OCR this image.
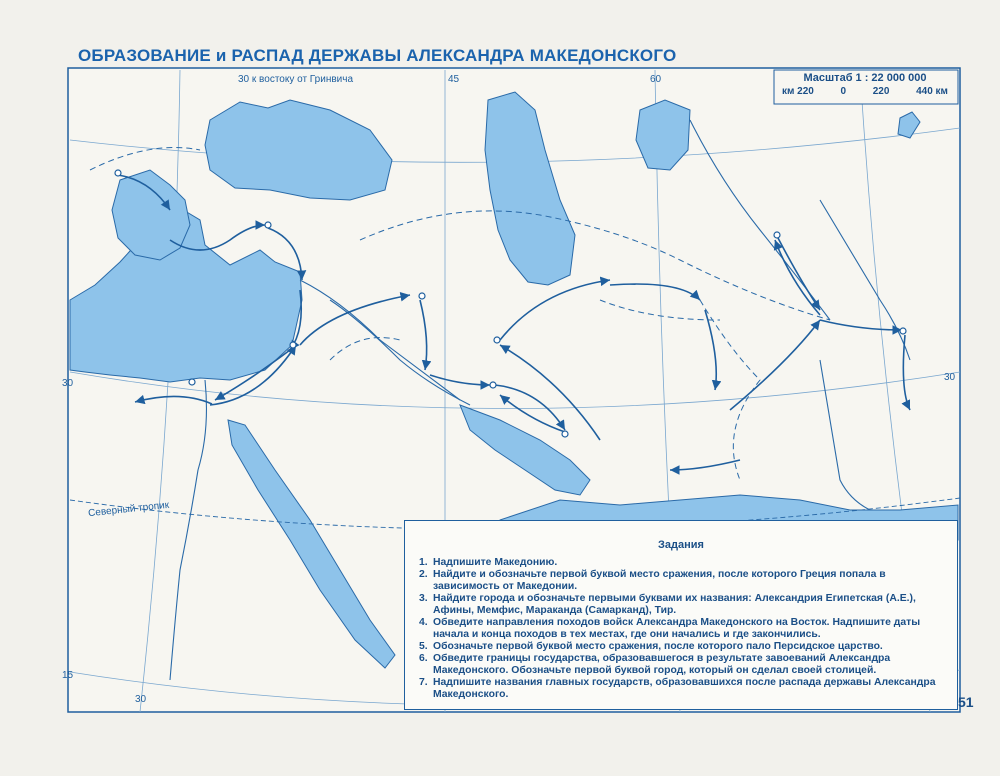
ОБРАЗОВАНИЕ и РАСПАД ДЕРЖАВЫ АЛЕКСАНДРА МАКЕДОНСКОГО
30 к востоку от Гринвича	45	60
30
30
15
30
Северный тропик
Масштаб 1 : 22 000 000
км 220	0	220	440 км
Задания
1. Надпишите Македонию.
2. Найдите и обозначьте первой буквой место сражения, после которого Греция попала в зависимость от Македонии.
3. Найдите города и обозначьте первыми буквами их названия: Александрия Египетская (А.Е.), Афины, Мемфис, Мараканда (Самарканд), Тир.
4. Обведите направления походов войск Александра Македонского на Восток. Надпишите даты начала и конца походов в тех местах, где они начались и где закончились.
5. Обозначьте первой буквой место сражения, после которого пало Персидское царство.
6. Обведите границы государства, образовавшегося в результате завоеваний Александра Македонского. Обозначьте первой буквой город, который он сделал своей столицей.
7. Надпишите названия главных государств, образовавшихся после распада державы Александра Македонского.	51
